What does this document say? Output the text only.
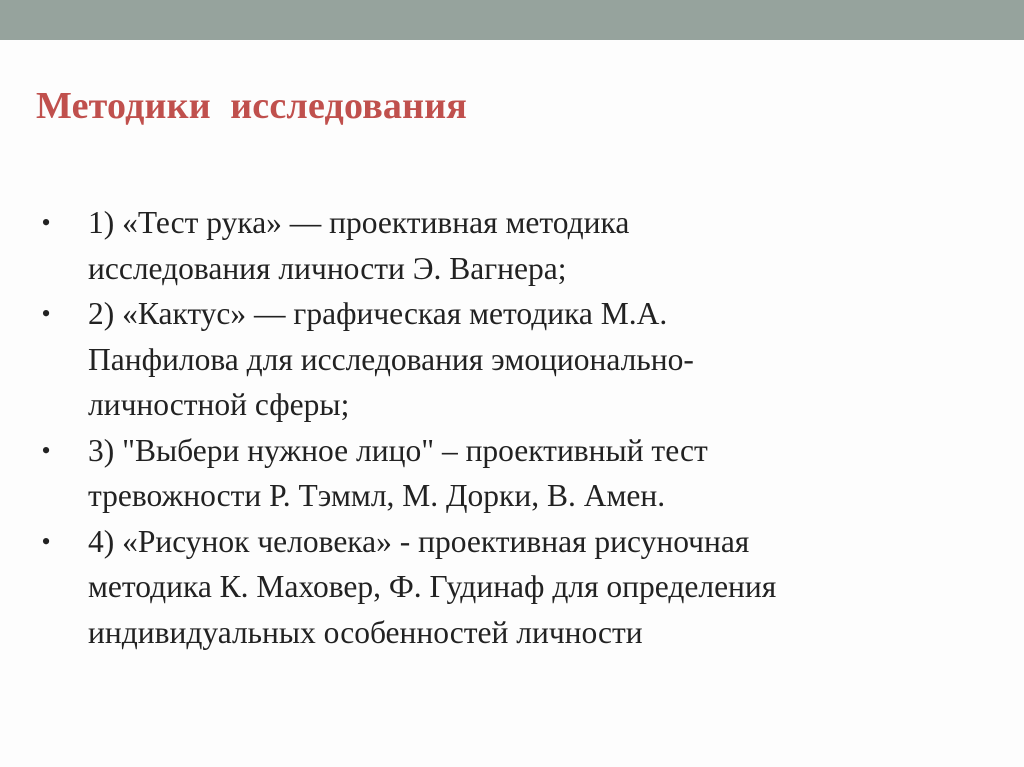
Методики  исследования
• 1) «Тест рука» — проективная методика
исследования личности Э. Вагнера;
• 2) «Кактус» — графическая методика М.А.
Панфилова для исследования эмоционально-
личностной сферы;
• 3) "Выбери нужное лицо" – проективный тест
тревожности Р. Тэммл, М. Дорки, В. Амен.
• 4) «Рисунок человека» - проективная рисуночная
методика К. Маховер, Ф. Гудинаф для определения
индивидуальных особенностей личности
